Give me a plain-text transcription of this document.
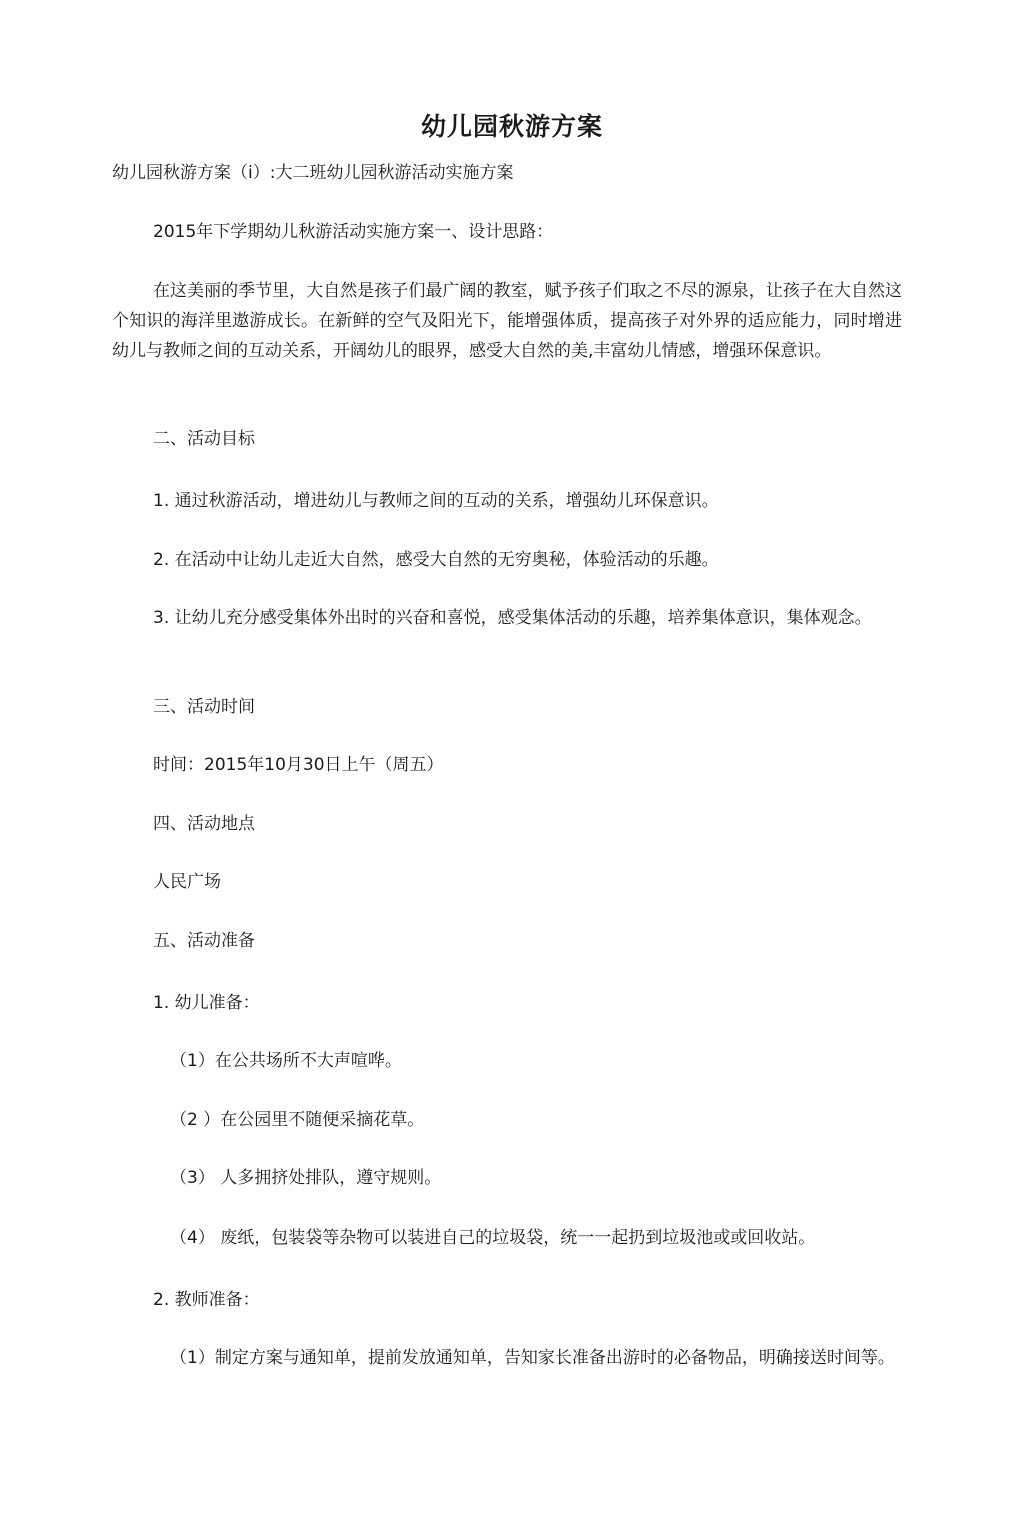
幼儿园秋游方案
幼儿园秋游方案（i）:大二班幼儿园秋游活动实施方案
2015年下学期幼儿秋游活动实施方案一、设计思路：
在这美丽的季节里，大自然是孩子们最广阔的教室，赋予孩子们取之不尽的源泉，让孩子在大自然这个知识的海洋里遨游成长。在新鲜的空气及阳光下，能增强体质，提高孩子对外界的适应能力，同时增进幼儿与教师之间的互动关系，开阔幼儿的眼界，感受大自然的美,丰富幼儿情感，增强环保意识。
二、活动目标
1. 通过秋游活动，增进幼儿与教师之间的互动的关系，增强幼儿环保意识。
2. 在活动中让幼儿走近大自然，感受大自然的无穷奥秘，体验活动的乐趣。
3. 让幼儿充分感受集体外出时的兴奋和喜悦，感受集体活动的乐趣，培养集体意识，集体观念。
三、活动时间
时间：2015年10月30日上午（周五）
四、活动地点
人民广场
五、活动准备
1. 幼儿准备：
（1）在公共场所不大声喧哗。
（2 ）在公园里不随便采摘花草。
（3） 人多拥挤处排队，遵守规则。
（4） 废纸，包装袋等杂物可以装进自己的垃圾袋，统一一起扔到垃圾池或或回收站。
2. 教师准备：
（1）制定方案与通知单，提前发放通知单，告知家长准备出游时的必备物品，明确接送时间等。
